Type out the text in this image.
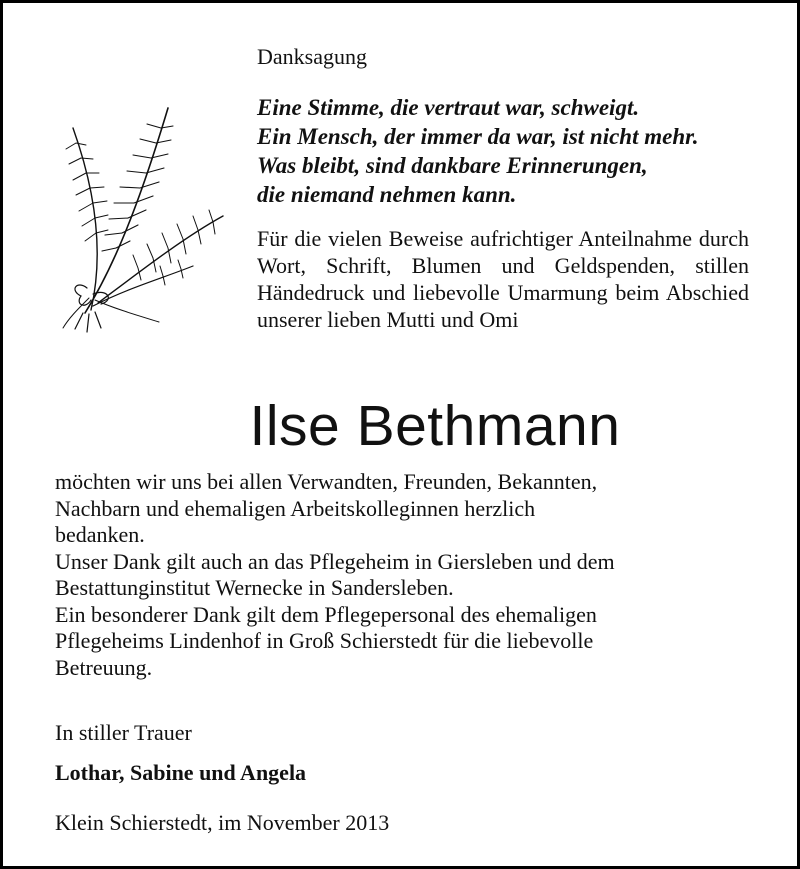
Danksagung
Eine Stimme, die vertraut war, schweigt.
Ein Mensch, der immer da war, ist nicht mehr.
Was bleibt, sind dankbare Erinnerungen,
die niemand nehmen kann.
Für die vielen Beweise aufrichtiger Anteilnahme durch Wort, Schrift, Blumen und Geldspenden, stillen Händedruck und liebevolle Umarmung beim Abschied unserer lieben Mutti und Omi
Ilse Bethmann
möchten wir uns bei allen Verwandten, Freunden, Bekannten,
Nachbarn und ehemaligen Arbeitskolleginnen herzlich
bedanken.
Unser Dank gilt auch an das Pflegeheim in Giersleben und dem
Bestattunginstitut Wernecke in Sandersleben.
Ein besonderer Dank gilt dem Pflegepersonal des ehemaligen
Pflegeheims Lindenhof in Groß Schierstedt für die liebevolle
Betreuung.
In stiller Trauer
Lothar, Sabine und Angela
Klein Schierstedt, im November 2013
